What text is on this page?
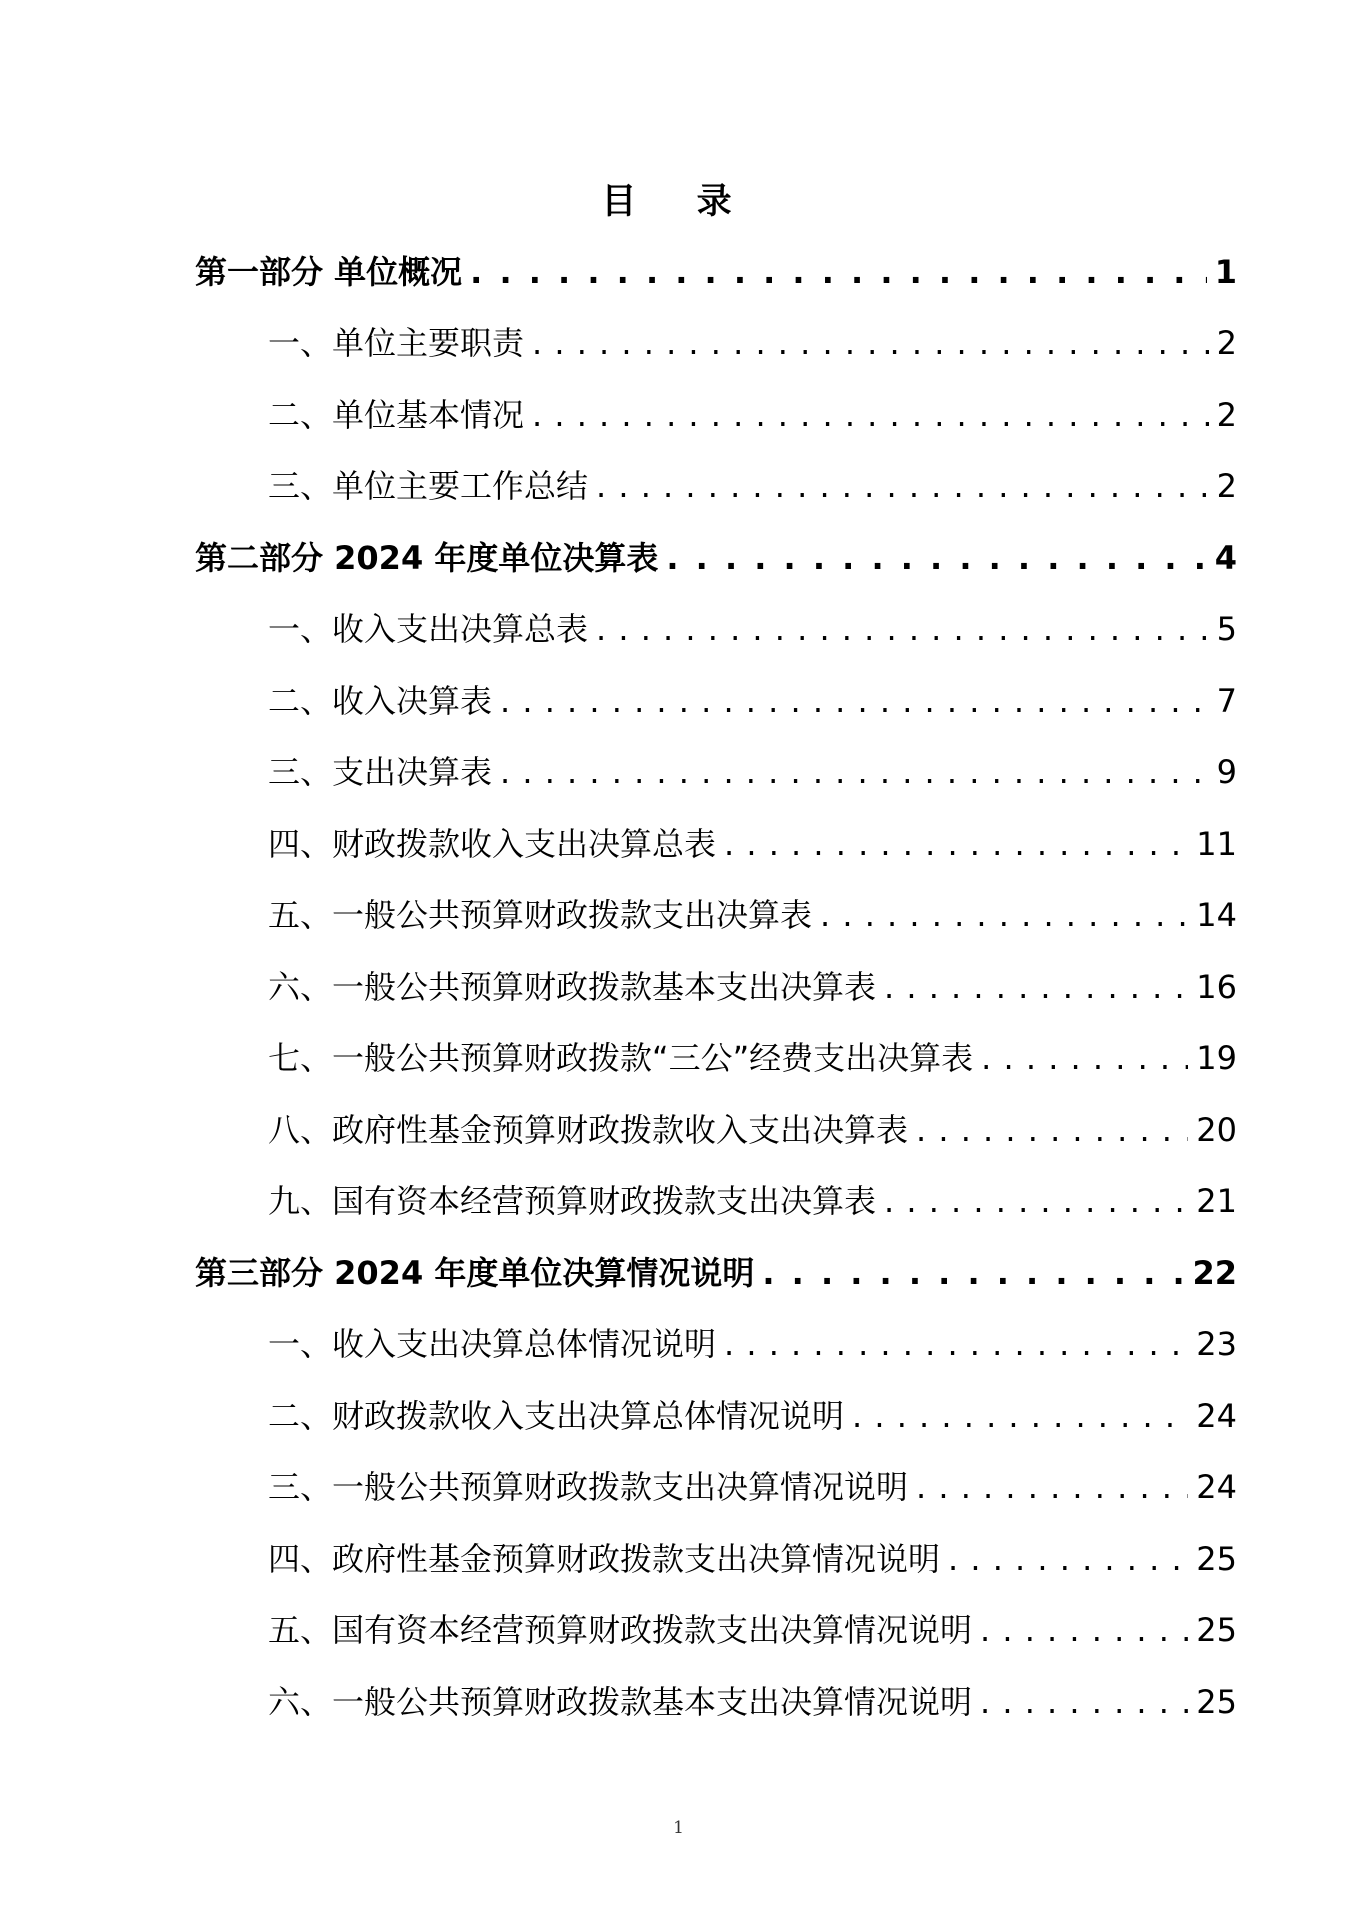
目 录
第一部分 单位概况 . . .	1
一、单位主要职责 . . .	2
二、单位基本情况 . . .	2
三、单位主要工作总结 . . .	2
第二部分 2024 年度单位决算表 . . .	4
一、收入支出决算总表 . . .	5
二、收入决算表 . . .	7
三、支出决算表 . . .	9
四、财政拨款收入支出决算总表 . . .	11
五、一般公共预算财政拨款支出决算表 . . .	14
六、一般公共预算财政拨款基本支出决算表 . . .	16
七、一般公共预算财政拨款“三公”经费支出决算表 . . .	19
八、政府性基金预算财政拨款收入支出决算表 . . .	20
九、国有资本经营预算财政拨款支出决算表 . . .	21
第三部分 2024 年度单位决算情况说明 . . .	22
一、收入支出决算总体情况说明 . . .	23
二、财政拨款收入支出决算总体情况说明 . . .	24
三、一般公共预算财政拨款支出决算情况说明 . . .	24
四、政府性基金预算财政拨款支出决算情况说明 . . .	25
五、国有资本经营预算财政拨款支出决算情况说明 . . .	25
六、一般公共预算财政拨款基本支出决算情况说明 . . .	25
1
